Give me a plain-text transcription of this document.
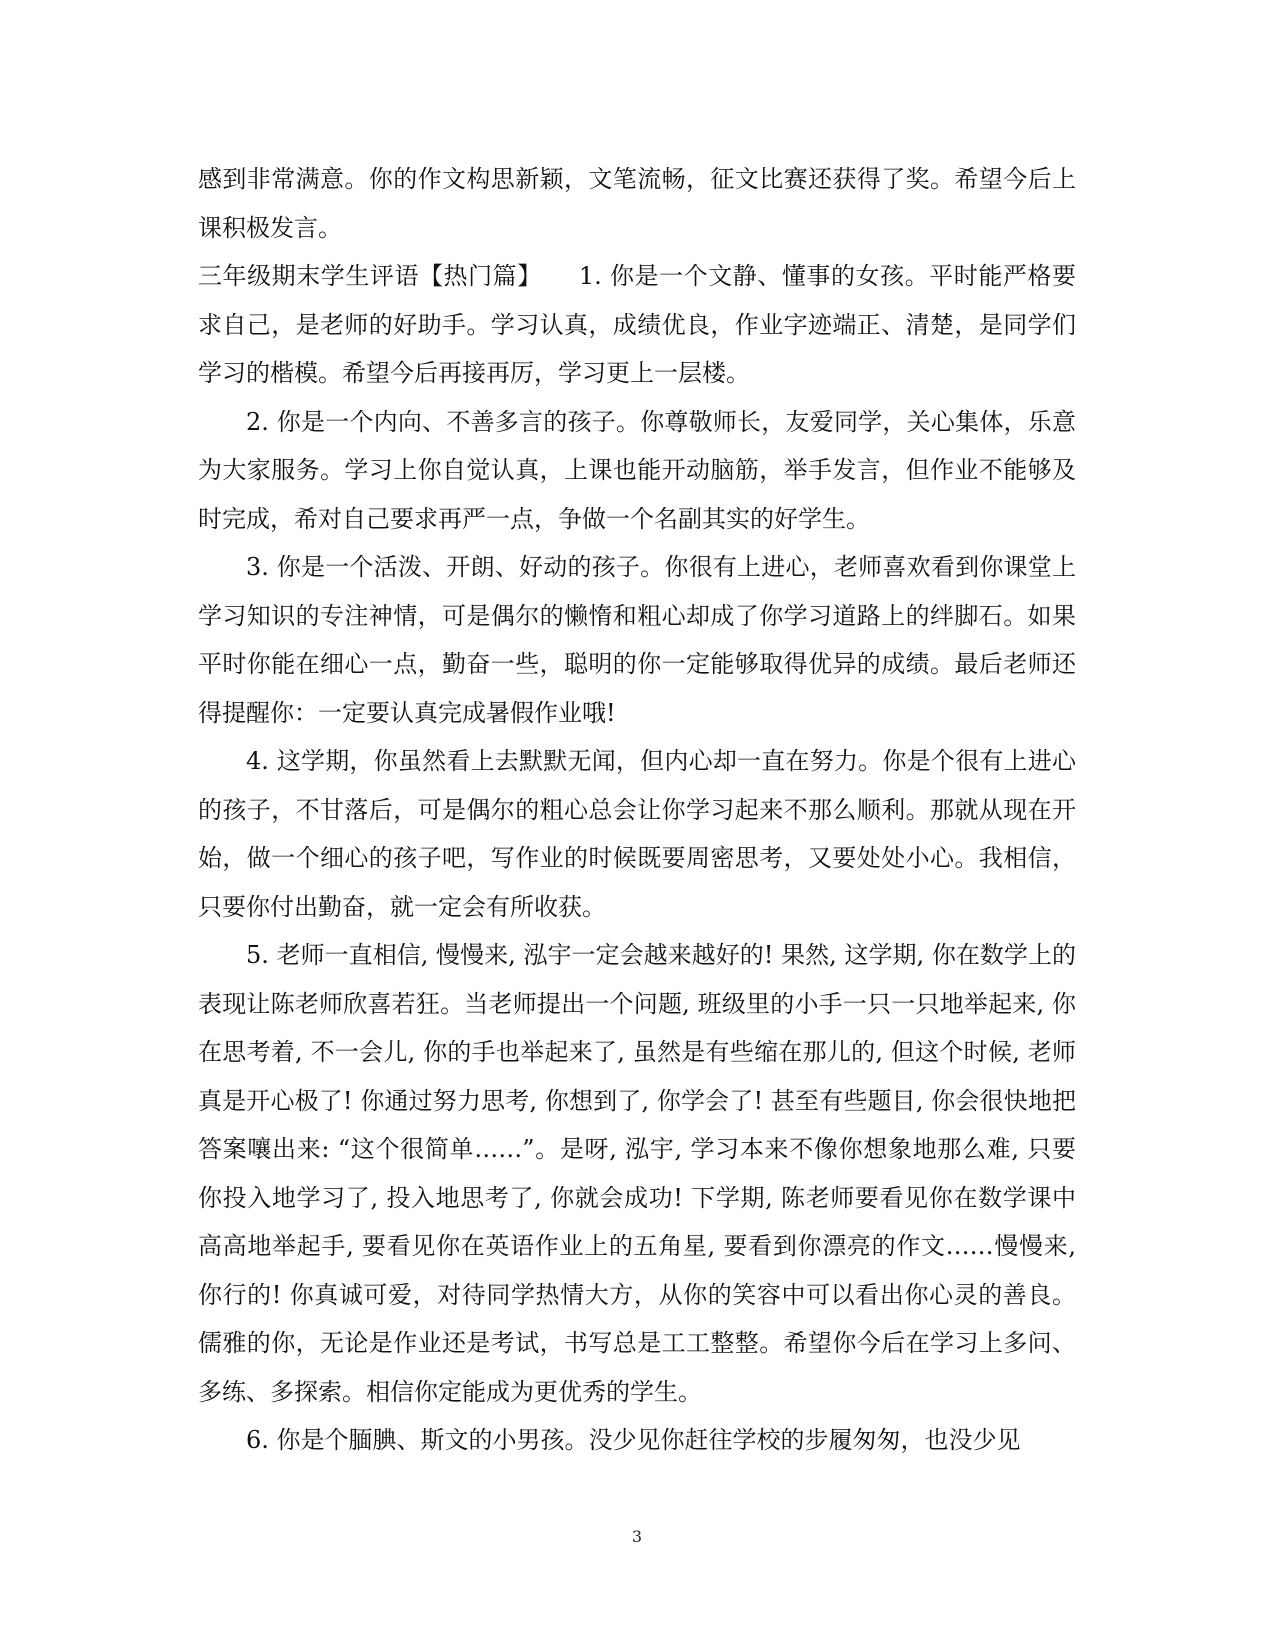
感到非常满意。你的作文构思新颖，文笔流畅，征文比赛还获得了奖。希望今后上课积极发言。

三年级期末学生评语【热门篇】　　1. 你是一个文静、懂事的女孩。平时能严格要求自己，是老师的好助手。学习认真，成绩优良，作业字迹端正、清楚，是同学们学习的楷模。希望今后再接再厉，学习更上一层楼。

2. 你是一个内向、不善多言的孩子。你尊敬师长，友爱同学，关心集体，乐意为大家服务。学习上你自觉认真，上课也能开动脑筋，举手发言，但作业不能够及时完成，希对自己要求再严一点，争做一个名副其实的好学生。

3. 你是一个活泼、开朗、好动的孩子。你很有上进心，老师喜欢看到你课堂上学习知识的专注神情，可是偶尔的懒惰和粗心却成了你学习道路上的绊脚石。如果平时你能在细心一点，勤奋一些，聪明的你一定能够取得优异的成绩。最后老师还得提醒你：一定要认真完成暑假作业哦!

4. 这学期，你虽然看上去默默无闻，但内心却一直在努力。你是个很有上进心的孩子，不甘落后，可是偶尔的粗心总会让你学习起来不那么顺利。那就从现在开始，做一个细心的孩子吧，写作业的时候既要周密思考，又要处处小心。我相信，只要你付出勤奋，就一定会有所收获。

5. 老师一直相信, 慢慢来, 泓宇一定会越来越好的! 果然, 这学期, 你在数学上的表现让陈老师欣喜若狂。当老师提出一个问题, 班级里的小手一只一只地举起来, 你在思考着, 不一会儿, 你的手也举起来了, 虽然是有些缩在那儿的, 但这个时候, 老师真是开心极了! 你通过努力思考, 你想到了, 你学会了! 甚至有些题目, 你会很快地把答案嚷出来: “这个很简单……”。是呀, 泓宇, 学习本来不像你想象地那么难, 只要你投入地学习了, 投入地思考了, 你就会成功! 下学期, 陈老师要看见你在数学课中高高地举起手, 要看见你在英语作业上的五角星, 要看到你漂亮的作文……慢慢来, 你行的! 你真诚可爱，对待同学热情大方，从你的笑容中可以看出你心灵的善良。儒雅的你，无论是作业还是考试，书写总是工工整整。希望你今后在学习上多问、多练、多探索。相信你定能成为更优秀的学生。

6. 你是个腼腆、斯文的小男孩。没少见你赶往学校的步履匆匆，也没少见

3
